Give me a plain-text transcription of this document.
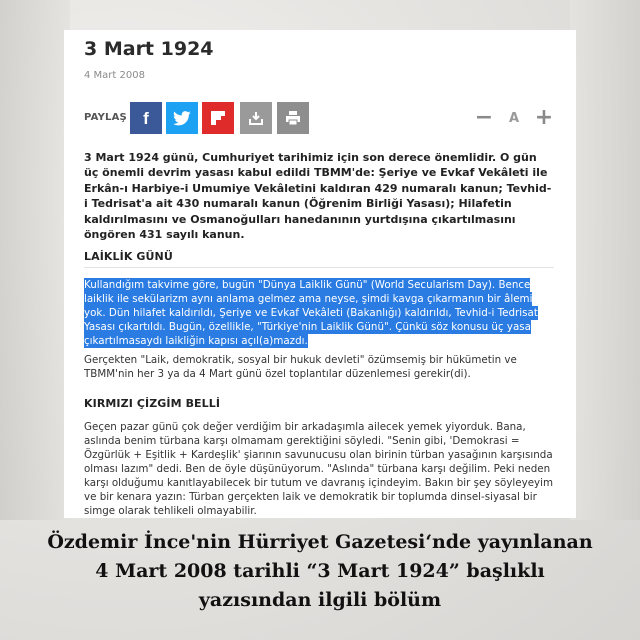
3 Mart 1924
4 Mart 2008
PAYLAŞ f	− A +

3 Mart 1924 günü, Cumhuriyet tarihimiz için son derece önemlidir. O gün üç önemli devrim yasası kabul edildi TBMM'de: Şeriye ve Evkaf Vekâleti ile Erkân-ı Harbiye-i Umumiye Vekâletini kaldıran 429 numaralı kanun; Tevhid-i Tedrisat'a ait 430 numaralı kanun (Öğrenim Birliği Yasası); Hilafetin kaldırılmasını ve Osmanoğulları hanedanının yurtdışına çıkartılmasını öngören 431 sayılı kanun.

LAİKLİK GÜNÜ

Kullandığım takvime göre, bugün "Dünya Laiklik Günü" (World Secularism Day). Bence laiklik ile sekülarizm aynı anlama gelmez ama neyse, şimdi kavga çıkarmanın bir âlemi yok. Dün hilafet kaldırıldı, Şeriye ve Evkaf Vekâleti (Bakanlığı) kaldırıldı, Tevhid-i Tedrisat Yasası çıkartıldı. Bugün, özellikle, "Türkiye'nin Laiklik Günü". Çünkü söz konusu üç yasa çıkartılmasaydı laikliğin kapısı açıl(a)mazdı.

Gerçekten "Laik, demokratik, sosyal bir hukuk devleti" özümsemiş bir hükümetin ve TBMM'nin her 3 ya da 4 Mart günü özel toplantılar düzenlemesi gerekir(di).

KIRMIZI ÇİZGİM BELLİ

Geçen pazar günü çok değer verdiğim bir arkadaşımla ailecek yemek yiyorduk. Bana, aslında benim türbana karşı olmamam gerektiğini söyledi. "Senin gibi, 'Demokrasi = Özgürlük + Eşitlik + Kardeşlik' şiarının savunucusu olan birinin türban yasağının karşısında olması lazım" dedi. Ben de öyle düşünüyorum. "Aslında" türbana karşı değilim. Peki neden karşı olduğumu kanıtlayabilecek bir tutum ve davranış içindeyim. Bakın bir şey söyleyeyim ve bir kenara yazın: Türban gerçekten laik ve demokratik bir toplumda dinsel-siyasal bir simge olarak tehlikeli olmayabilir.

Özdemir İnce'nin Hürriyet Gazetesi‘nde yayınlanan
4 Mart 2008 tarihli “3 Mart 1924” başlıklı
yazısından ilgili bölüm
